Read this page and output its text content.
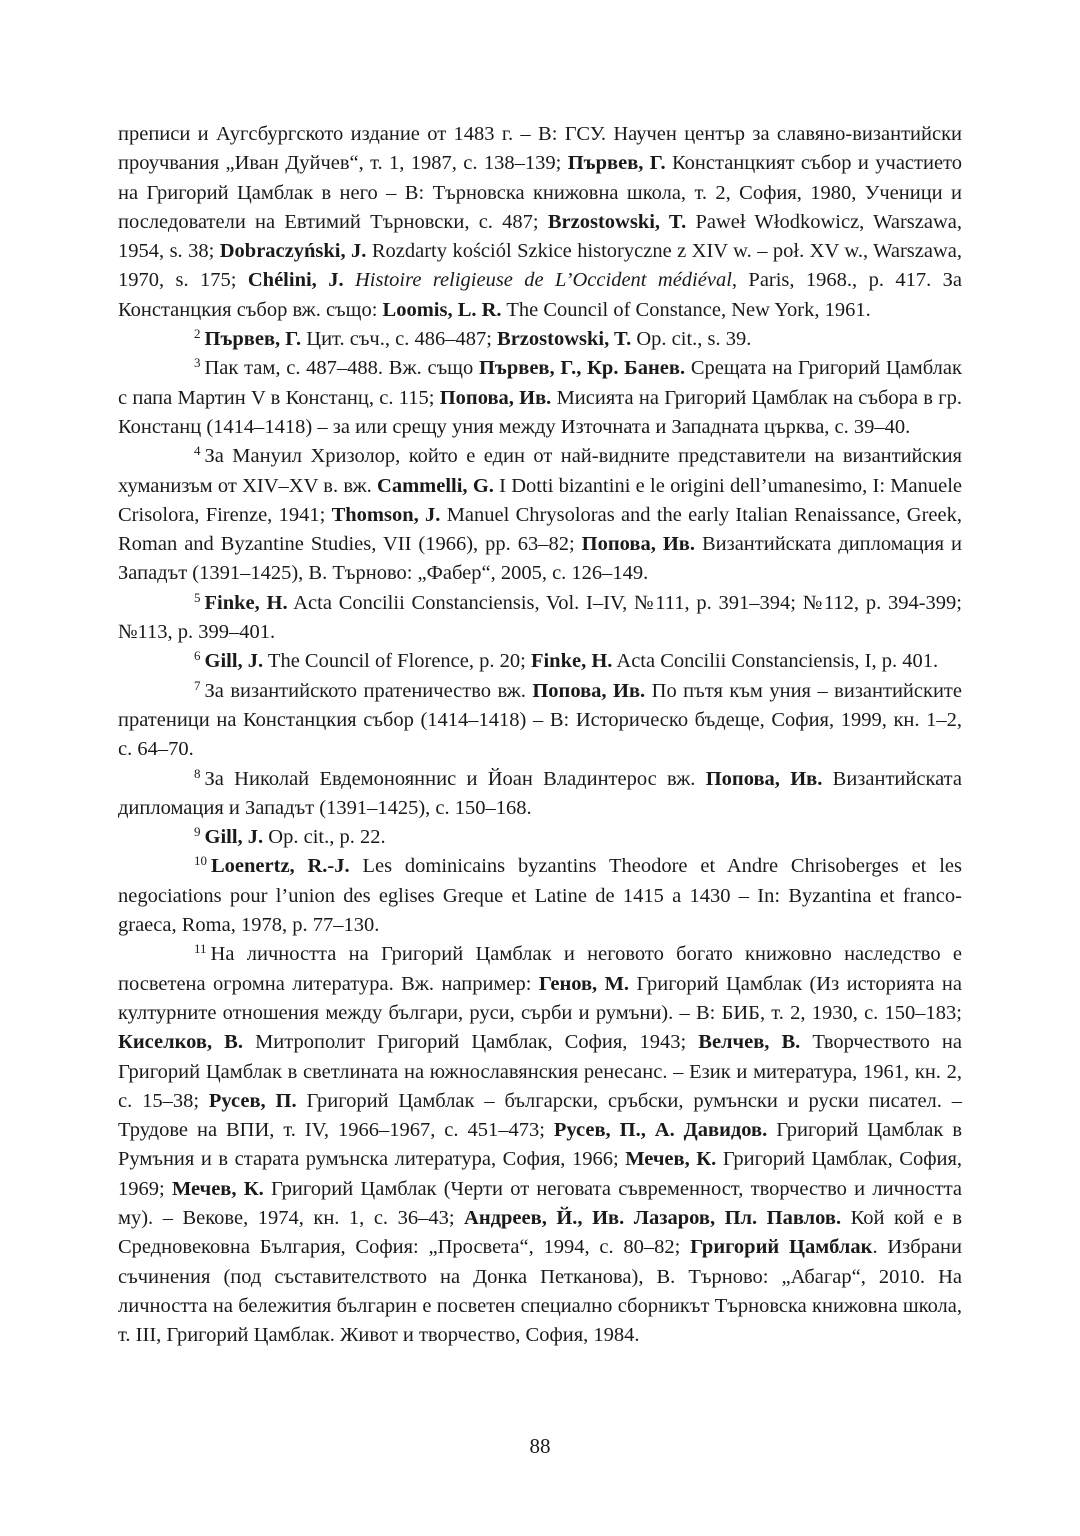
преписи и Аугсбургското издание от 1483 г. – В: ГСУ. Научен център за славяно-византийски проучвания „Иван Дуйчев“, т. 1, 1987, с. 138–139; Първев, Г. Констанцкият събор и участието на Григорий Цамблак в него – В: Търновска книжовна школа, т. 2, София, 1980, Ученици и последователи на Евтимий Търновски, с. 487; Brzostowski, T. Paweł Włodkowicz, Warszawa, 1954, s. 38; Dobraczyński, J. Rozdarty kościól Szkice historyczne z XIV w. – poł. XV w., Warszawa, 1970, s. 175; Chélini, J. Histoire religieuse de L’Occident médiéval, Paris, 1968., p. 417. За Констанцкия събор вж. също: Loomis, L. R. The Council of Constance, New York, 1961.

$^2$ Първев, Г. Цит. съч., с. 486–487; Brzostowski, T. Op. cit., s. 39.

$^3$ Пак там, с. 487–488. Вж. също Първев, Г., Кр. Банев. Срещата на Григорий Цамблак с папа Мартин V в Констанц, с. 115; Попова, Ив. Мисията на Григорий Цамблак на събора в гр. Констанц (1414–1418) – за или срещу уния между Източната и Западната църква, с. 39–40.

$^4$ За Мануил Хризолор, който е един от най-видните представители на византийския хуманизъм от XIV–XV в. вж. Cammelli, G. I Dotti bizantini e le origini dell’umanesimo, I: Manuele Crisolora, Firenze, 1941; Thomson, J. Manuel Chrysoloras and the early Italian Renaissance, Greek, Roman and Byzantine Studies, VII (1966), pp. 63–82; Попова, Ив. Византийската дипломация и Западът (1391–1425), В. Търново: „Фабер“, 2005, с. 126–149.

$^5$ Finke, H. Acta Concilii Constanciensis, Vol. I–IV, №111, p. 391–394; №112, p. 394-399; №113, p. 399–401.

$^6$ Gill, J. The Council of Florence, p. 20; Finke, H. Acta Concilii Constanciensis, I, p. 401.

$^7$ За византийското пратеничество вж. Попова, Ив. По пътя към уния – византийските пратеници на Констанцкия събор (1414–1418) – В: Историческо бъдеще, София, 1999, кн. 1–2, с. 64–70.

$^8$ За Николай Евдемонояннис и Йоан Владинтерос вж. Попова, Ив. Византийската дипломация и Западът (1391–1425), с. 150–168.

$^9$ Gill, J. Op. cit., p. 22.

$^{10}$ Loenertz, R.-J. Les dominicains byzantins Theodore et Andre Chrisoberges et les negociations pour l’union des eglises Greque et Latine de 1415 a 1430 – In: Byzantina et franco-graeca, Roma, 1978, p. 77–130.

$^{11}$ На личността на Григорий Цамблак и неговото богато книжовно наследство е посветена огромна литература. Вж. например: Генов, М. Григорий Цамблак (Из историята на културните отношения между българи, руси, сърби и румъни). – В: БИБ, т. 2, 1930, с. 150–183; Киселков, В. Митрополит Григорий Цамблак, София, 1943; Велчев, В. Творчеството на Григорий Цамблак в светлината на южнославянския ренесанс. – Език и митература, 1961, кн. 2, с. 15–38; Русев, П. Григорий Цамблак – български, сръбски, румънски и руски писател. – Трудове на ВПИ, т. IV, 1966–1967, с. 451–473; Русев, П., А. Давидов. Григорий Цамблак в Румъния и в старата румънска литература, София, 1966; Мечев, К. Григорий Цамблак, София, 1969; Мечев, К. Григорий Цамблак (Черти от неговата съвременност, творчество и личността му). – Векове, 1974, кн. 1, с. 36–43; Андреев, Й., Ив. Лазаров, Пл. Павлов. Кой кой е в Средновековна България, София: „Просвета“, 1994, с. 80–82; Григорий Цамблак. Избрани съчинения (под съставителството на Донка Петканова), В. Търново: „Абагар“, 2010. На личността на бележития българин е посветен специално сборникът Търновска книжовна школа, т. III, Григорий Цамблак. Живот и творчество, София, 1984.

88
